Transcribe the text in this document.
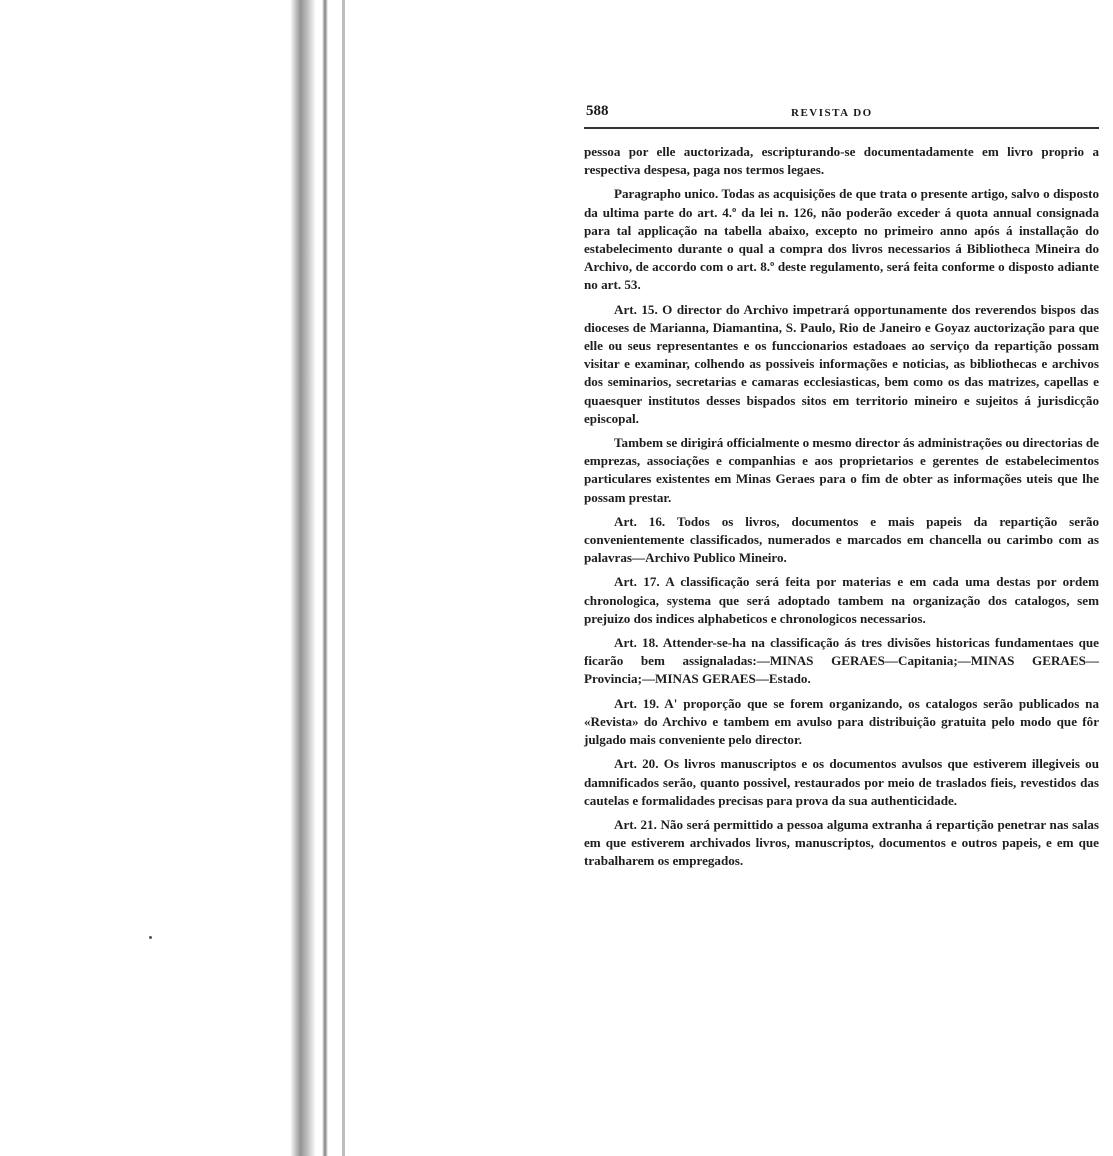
588	REVISTA DO

pessoa por elle auctorizada, escripturando-se documentadamente em livro proprio a respectiva despesa, paga nos termos legaes.

Paragrapho unico. Todas as acquisições de que trata o presente artigo, salvo o disposto da ultima parte do art. 4.º da lei n. 126, não poderão exceder á quota annual consignada para tal applicação na tabella abaixo, excepto no primeiro anno após á installação do estabelecimento durante o qual a compra dos livros necessarios á Bibliotheca Mineira do Archivo, de accordo com o art. 8.º deste regulamento, será feita conforme o disposto adiante no art. 53.

Art. 15. O director do Archivo impetrará opportunamente dos reverendos bispos das dioceses de Marianna, Diamantina, S. Paulo, Rio de Janeiro e Goyaz auctorização para que elle ou seus representantes e os funccionarios estadoaes ao serviço da repartição possam visitar e examinar, colhendo as possiveis informações e noticias, as bibliothecas e archivos dos seminarios, secretarias e camaras ecclesiasticas, bem como os das matrizes, capellas e quaesquer institutos desses bispados sitos em territorio mineiro e sujeitos á jurisdicção episcopal.

Tambem se dirigirá officialmente o mesmo director ás administrações ou directorias de emprezas, associações e companhias e aos proprietarios e gerentes de estabelecimentos particulares existentes em Minas Geraes para o fim de obter as informações uteis que lhe possam prestar.

Art. 16. Todos os livros, documentos e mais papeis da repartição serão convenientemente classificados, numerados e marcados em chancella ou carimbo com as palavras—Archivo Publico Mineiro.

Art. 17. A classificação será feita por materias e em cada uma destas por ordem chronologica, systema que será adoptado tambem na organização dos catalogos, sem prejuizo dos indices alphabeticos e chronologicos necessarios.

Art. 18. Attender-se-ha na classificação ás tres divisões historicas fundamentaes que ficarão bem assignaladas:—MINAS GERAES—Capitania;—MINAS GERAES—Provincia;—MINAS GERAES—Estado.

Art. 19. A' proporção que se forem organizando, os catalogos serão publicados na «Revista» do Archivo e tambem em avulso para distribuição gratuita pelo modo que fôr julgado mais conveniente pelo director.

Art. 20. Os livros manuscriptos e os documentos avulsos que estiverem illegiveis ou damnificados serão, quanto possivel, restaurados por meio de traslados fieis, revestidos das cautelas e formalidades precisas para prova da sua authenticidade.

Art. 21. Não será permittido a pessoa alguma extranha á repartição penetrar nas salas em que estiverem archivados livros, manuscriptos, documentos e outros papeis, e em que trabalharem os empregados.
